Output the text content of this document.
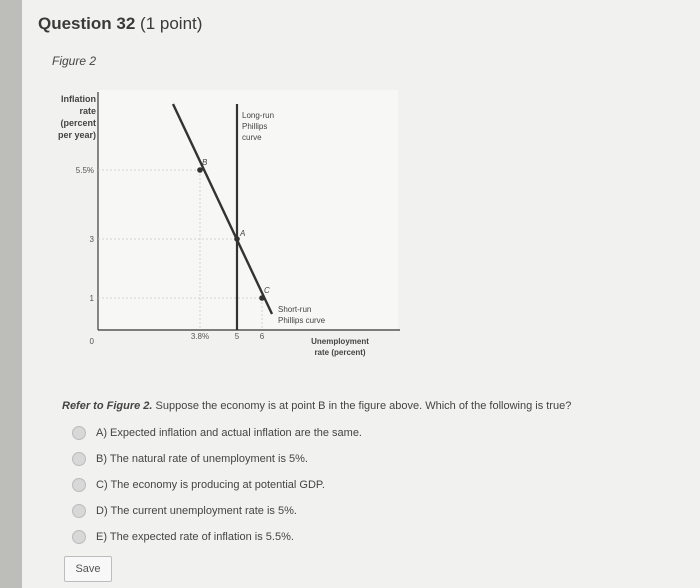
Question 32 (1 point)
Figure 2
Inflation
rate
(percent
per year)
5.5%
3
1
0
3.8%	5	6
B
A
C
Long-run
Phillips
curve
Short-run
Phillips curve
Unemployment
rate (percent)
Refer to Figure 2. Suppose the economy is at point B in the figure above. Which of the following is true?
A) Expected inflation and actual inflation are the same.
B) The natural rate of unemployment is 5%.
C) The economy is producing at potential GDP.
D) The current unemployment rate is 5%.
E) The expected rate of inflation is 5.5%.
Save
